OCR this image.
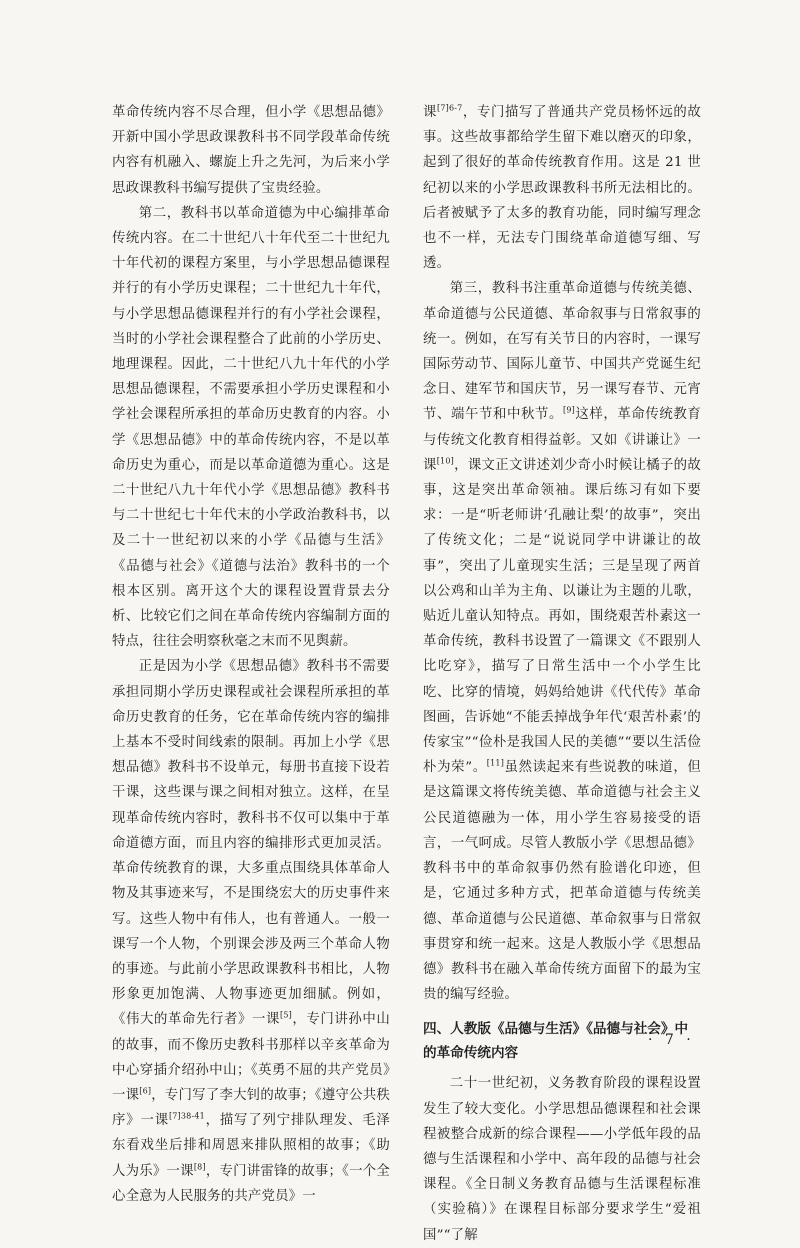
革命传统内容不尽合理，但小学《思想品德》开新中国小学思政课教科书不同学段革命传统内容有机融入、螺旋上升之先河，为后来小学思政课教科书编写提供了宝贵经验。

第二，教科书以革命道德为中心编排革命传统内容。在二十世纪八十年代至二十世纪九十年代初的课程方案里，与小学思想品德课程并行的有小学历史课程；二十世纪九十年代，与小学思想品德课程并行的有小学社会课程，当时的小学社会课程整合了此前的小学历史、地理课程。因此，二十世纪八九十年代的小学思想品德课程，不需要承担小学历史课程和小学社会课程所承担的革命历史教育的内容。小学《思想品德》中的革命传统内容，不是以革命历史为重心，而是以革命道德为重心。这是二十世纪八九十年代小学《思想品德》教科书与二十世纪七十年代末的小学政治教科书，以及二十一世纪初以来的小学《品德与生活》《品德与社会》《道德与法治》教科书的一个根本区别。离开这个大的课程设置背景去分析、比较它们之间在革命传统内容编制方面的特点，往往会明察秋毫之末而不见舆薪。

正是因为小学《思想品德》教科书不需要承担同期小学历史课程或社会课程所承担的革命历史教育的任务，它在革命传统内容的编排上基本不受时间线索的限制。再加上小学《思想品德》教科书不设单元，每册书直接下设若干课，这些课与课之间相对独立。这样，在呈现革命传统内容时，教科书不仅可以集中于革命道德方面，而且内容的编排形式更加灵活。革命传统教育的课，大多重点围绕具体革命人物及其事迹来写，不是围绕宏大的历史事件来写。这些人物中有伟人，也有普通人。一般一课写一个人物，个别课会涉及两三个革命人物的事迹。与此前小学思政课教科书相比，人物形象更加饱满、人物事迹更加细腻。例如，《伟大的革命先行者》一课[5]，专门讲孙中山的故事，而不像历史教科书那样以辛亥革命为中心穿插介绍孙中山；《英勇不屈的共产党员》一课[6]，专门写了李大钊的故事；《遵守公共秩序》一课$^{[7]38-41}$，描写了列宁排队理发、毛泽东看戏坐后排和周恩来排队照相的故事；《助人为乐》一课[8]，专门讲雷锋的故事；《一个全心全意为人民服务的共产党员》一

课$^{[7]6-7}$，专门描写了普通共产党员杨怀远的故事。这些故事都给学生留下难以磨灭的印象，起到了很好的革命传统教育作用。这是 21 世纪初以来的小学思政课教科书所无法相比的。后者被赋予了太多的教育功能，同时编写理念也不一样，无法专门围绕革命道德写细、写透。

第三，教科书注重革命道德与传统美德、革命道德与公民道德、革命叙事与日常叙事的统一。例如，在写有关节日的内容时，一课写国际劳动节、国际儿童节、中国共产党诞生纪念日、建军节和国庆节，另一课写春节、元宵节、端午节和中秋节。[9]这样，革命传统教育与传统文化教育相得益彰。又如《讲谦让》一课[10]，课文正文讲述刘少奇小时候让橘子的故事，这是突出革命领袖。课后练习有如下要求：一是“听老师讲‘孔融让梨’的故事”，突出了传统文化；二是“说说同学中讲谦让的故事”，突出了儿童现实生活；三是呈现了两首以公鸡和山羊为主角、以谦让为主题的儿歌，贴近儿童认知特点。再如，围绕艰苦朴素这一革命传统，教科书设置了一篇课文《不跟别人比吃穿》，描写了日常生活中一个小学生比吃、比穿的情境，妈妈给她讲《代代传》革命图画，告诉她“不能丢掉战争年代‘艰苦朴素’的传家宝”“俭朴是我国人民的美德”“要以生活俭朴为荣”。[11]虽然读起来有些说教的味道，但是这篇课文将传统美德、革命道德与社会主义公民道德融为一体，用小学生容易接受的语言，一气呵成。尽管人教版小学《思想品德》教科书中的革命叙事仍然有脸谱化印迹，但是，它通过多种方式，把革命道德与传统美德、革命道德与公民道德、革命叙事与日常叙事贯穿和统一起来。这是人教版小学《思想品德》教科书在融入革命传统方面留下的最为宝贵的编写经验。

四、人教版《品德与生活》《品德与社会》中的革命传统内容

二十一世纪初，义务教育阶段的课程设置发生了较大变化。小学思想品德课程和社会课程被整合成新的综合课程——小学低年段的品德与生活课程和小学中、高年段的品德与社会课程。《全日制义务教育品德与生活课程标准（实验稿）》在课程目标部分要求学生“爱祖国”“了解

· 7 ·
